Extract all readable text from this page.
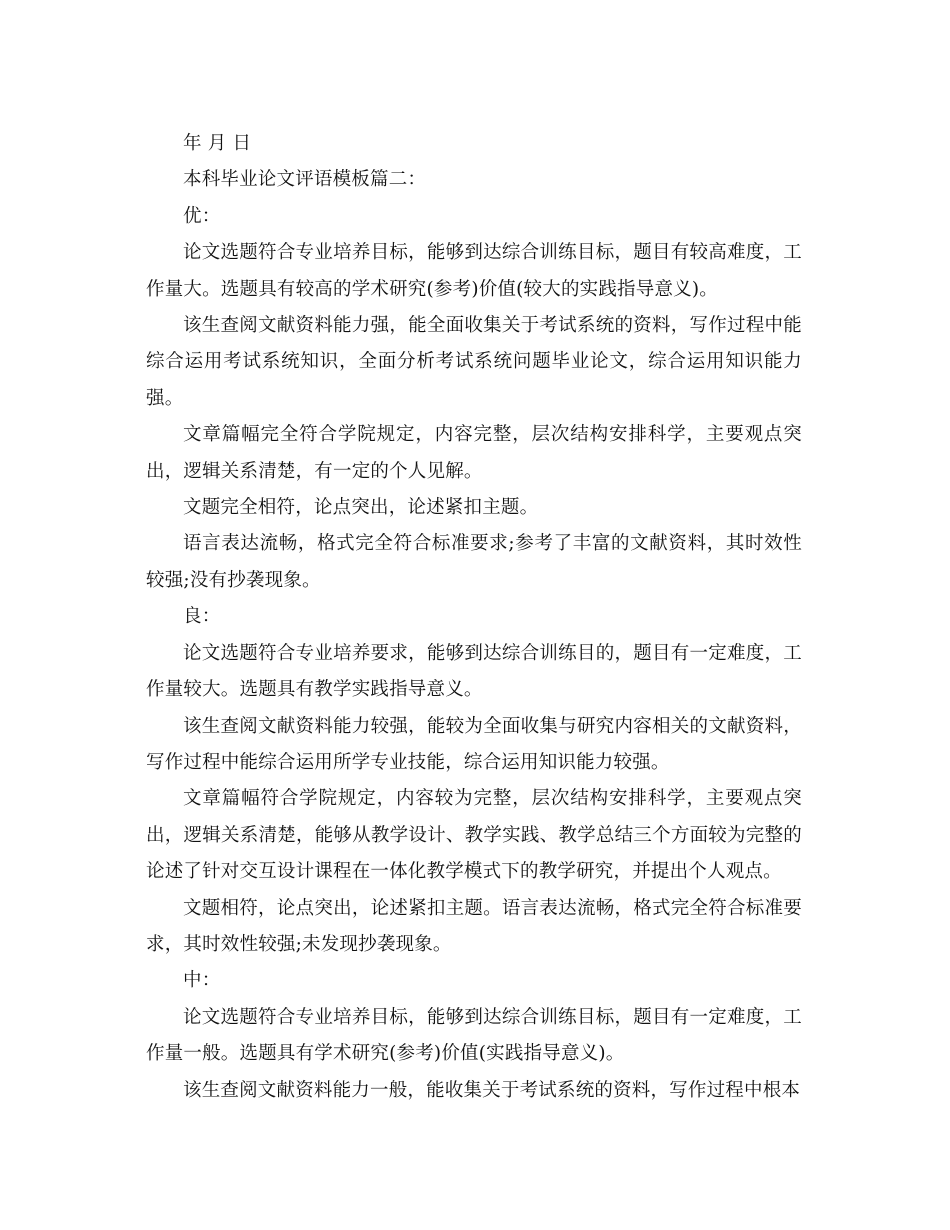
年 月 日

本科毕业论文评语模板篇二：

优：

论文选题符合专业培养目标，能够到达综合训练目标，题目有较高难度，工作量大。选题具有较高的学术研究(参考)价值(较大的实践指导意义)。

该生查阅文献资料能力强，能全面收集关于考试系统的资料，写作过程中能综合运用考试系统知识，全面分析考试系统问题毕业论文，综合运用知识能力强。

文章篇幅完全符合学院规定，内容完整，层次结构安排科学，主要观点突出，逻辑关系清楚，有一定的个人见解。

文题完全相符，论点突出，论述紧扣主题。

语言表达流畅，格式完全符合标准要求;参考了丰富的文献资料，其时效性较强;没有抄袭现象。

良：

论文选题符合专业培养要求，能够到达综合训练目的，题目有一定难度，工作量较大。选题具有教学实践指导意义。

该生查阅文献资料能力较强，能较为全面收集与研究内容相关的文献资料，写作过程中能综合运用所学专业技能，综合运用知识能力较强。

文章篇幅符合学院规定，内容较为完整，层次结构安排科学，主要观点突出，逻辑关系清楚，能够从教学设计、教学实践、教学总结三个方面较为完整的论述了针对交互设计课程在一体化教学模式下的教学研究，并提出个人观点。

文题相符，论点突出，论述紧扣主题。语言表达流畅，格式完全符合标准要求，其时效性较强;未发现抄袭现象。

中：

论文选题符合专业培养目标，能够到达综合训练目标，题目有一定难度，工作量一般。选题具有学术研究(参考)价值(实践指导意义)。

该生查阅文献资料能力一般，能收集关于考试系统的资料，写作过程中根本
